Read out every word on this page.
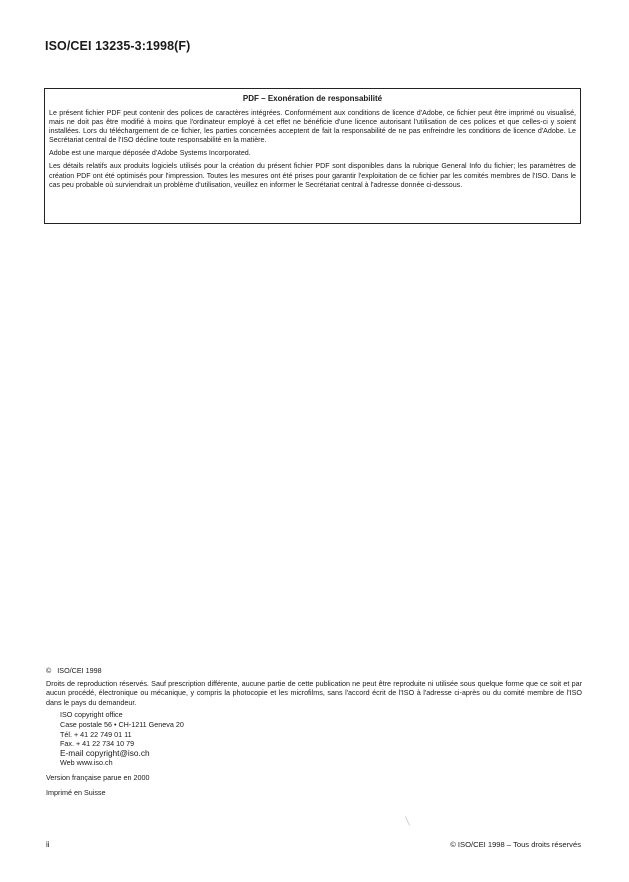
ISO/CEI 13235-3:1998(F)
PDF – Exonération de responsabilité

Le présent fichier PDF peut contenir des polices de caractères intégrées. Conformément aux conditions de licence d'Adobe, ce fichier peut être imprimé ou visualisé, mais ne doit pas être modifié à moins que l'ordinateur employé à cet effet ne bénéficie d'une licence autorisant l'utilisation de ces polices et que celles-ci y soient installées. Lors du téléchargement de ce fichier, les parties concernées acceptent de fait la responsabilité de ne pas enfreindre les conditions de licence d'Adobe. Le Secrétariat central de l'ISO décline toute responsabilité en la matière.

Adobe est une marque déposée d'Adobe Systems Incorporated.

Les détails relatifs aux produits logiciels utilisés pour la création du présent fichier PDF sont disponibles dans la rubrique General Info du fichier; les paramètres de création PDF ont été optimisés pour l'impression. Toutes les mesures ont été prises pour garantir l'exploitation de ce fichier par les comités membres de l'ISO. Dans le cas peu probable où surviendrait un problème d'utilisation, veuillez en informer le Secrétariat central à l'adresse donnée ci-dessous.

© ISO/CEI 1998
Droits de reproduction réservés. Sauf prescription différente, aucune partie de cette publication ne peut être reproduite ni utilisée sous quelque forme que ce soit et par aucun procédé, électronique ou mécanique, y compris la photocopie et les microfilms, sans l'accord écrit de l'ISO à l'adresse ci-après ou du comité membre de l'ISO dans le pays du demandeur.
ISO copyright office
Case postale 56 • CH-1211 Geneva 20
Tél. + 41 22 749 01 11
Fax. + 41 22 734 10 79
E-mail copyright@iso.ch
Web www.iso.ch
Version française parue en 2000
Imprimé en Suisse
ii	© ISO/CEI 1998 – Tous droits réservés
